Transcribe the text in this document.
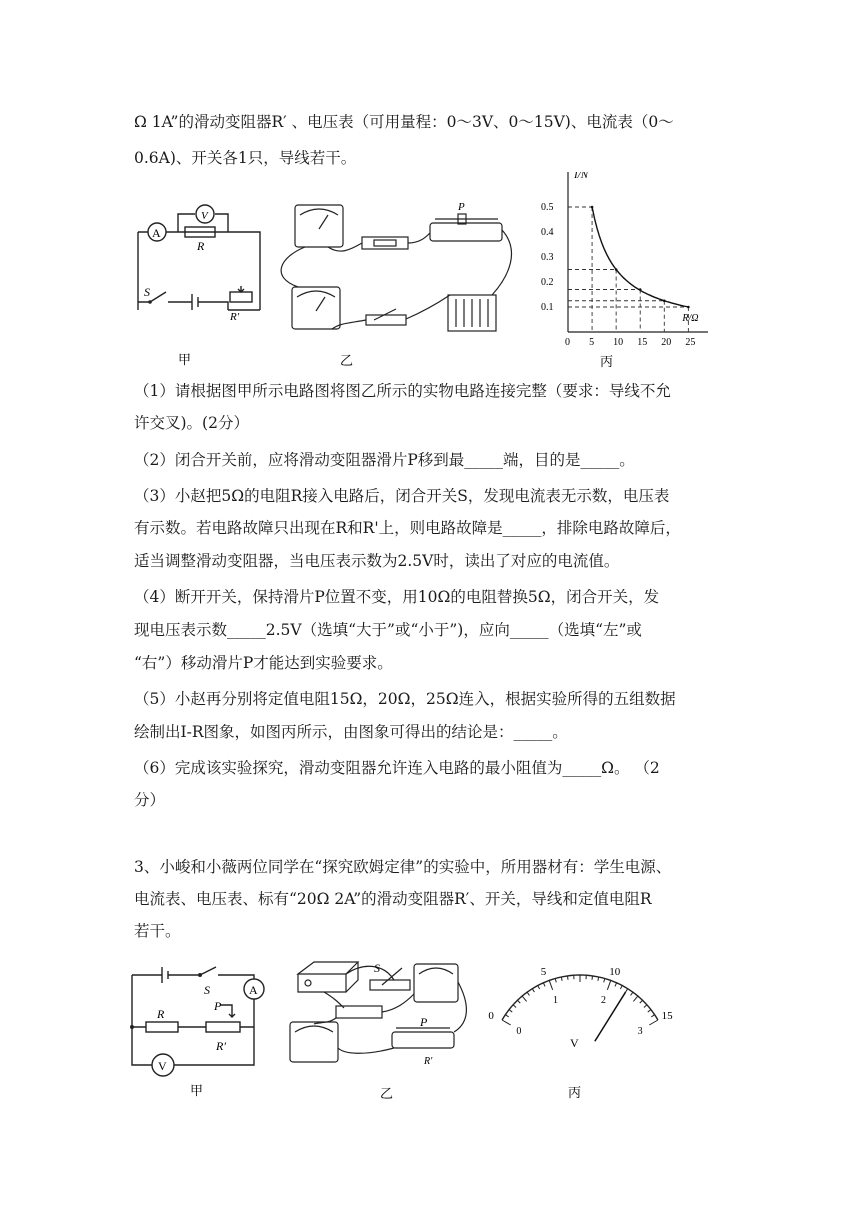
Ω 1A”的滑动变阻器R′ 、电压表（可用量程：0～3V、0～15V)、电流表（0～
0.6A)、开关各1只，导线若干。
A
V
R
S
R'
甲
P
乙
I/N
R/Ω
0 5 10 15 20 25
0.1
0.2
0.3
0.4
0.5
丙
（1）请根据图甲所示电路图将图乙所示的实物电路连接完整（要求：导线不允
许交叉)。(2分）
（2）闭合开关前，应将滑动变阻器滑片P移到最_____端，目的是_____。
（3）小赵把5Ω的电阻R接入电路后，闭合开关S，发现电流表无示数，电压表
有示数。若电路故障只出现在R和R'上，则电路故障是_____，排除电路故障后，
适当调整滑动变阻器，当电压表示数为2.5V时，读出了对应的电流值。
（4）断开开关，保持滑片P位置不变，用10Ω的电阻替换5Ω，闭合开关，发
现电压表示数_____2.5V（选填“大于”或“小于”)，应向_____（选填“左”或
“右”）移动滑片P才能达到实验要求。
（5）小赵再分别将定值电阻15Ω，20Ω，25Ω连入，根据实验所得的五组数据
绘制出I-R图象，如图丙所示，由图象可得出的结论是：_____。
（6）完成该实验探究，滑动变阻器允许连入电路的最小阻值为_____Ω。 （2
分）
3、小峻和小薇两位同学在“探究欧姆定律”的实验中，所用器材有：学生电源、
电流表、电压表、标有“20Ω 2A”的滑动变阻器R′、开关，导线和定值电阻R
若干。
S	A
R
P
R′
V
甲
S
P
R′
乙
0
5	10
15
0
1	2
3
V
丙
